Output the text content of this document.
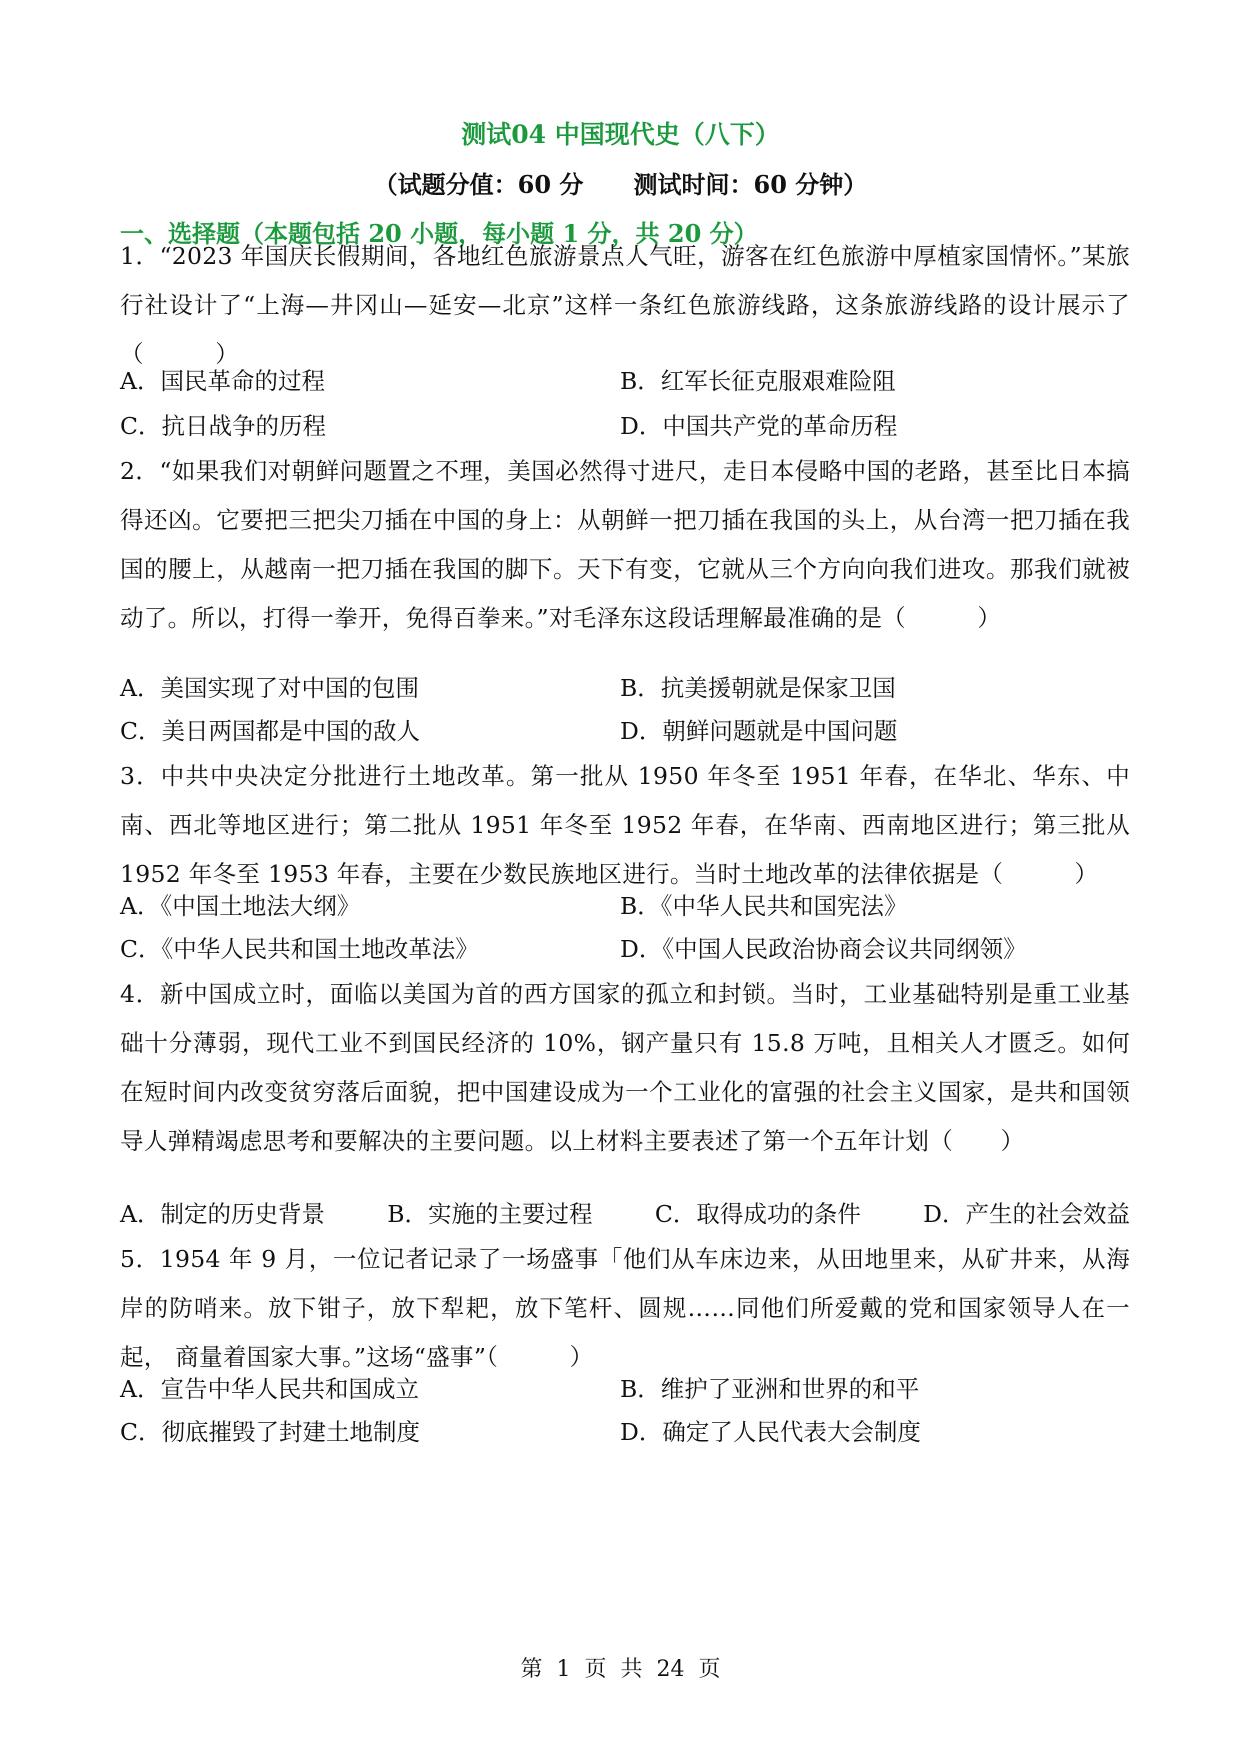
测试04 中国现代史（八下）
（试题分值：60 分      测试时间：60 分钟）
一、选择题（本题包括 20 小题，每小题 1 分，共 20 分）
1．“2023 年国庆长假期间，各地红色旅游景点人气旺，游客在红色旅游中厚植家国情怀。”某旅行社设计了“上海—井冈山—延安—北京”这样一条红色旅游线路，这条旅游线路的设计展示了（　　　）
A．国民革命的过程	B．红军长征克服艰难险阻
C．抗日战争的历程	D．中国共产党的革命历程
2．“如果我们对朝鲜问题置之不理，美国必然得寸进尺，走日本侵略中国的老路，甚至比日本搞得还凶。它要把三把尖刀插在中国的身上：从朝鲜一把刀插在我国的头上，从台湾一把刀插在我国的腰上，从越南一把刀插在我国的脚下。天下有变，它就从三个方向向我们进攻。那我们就被动了。所以，打得一拳开，免得百拳来。”对毛泽东这段话理解最准确的是（　　　）
A．美国实现了对中国的包围	B．抗美援朝就是保家卫国
C．美日两国都是中国的敌人	D．朝鲜问题就是中国问题
3．中共中央决定分批进行土地改革。第一批从 1950 年冬至 1951 年春，在华北、华东、中南、西北等地区进行；第二批从 1951 年冬至 1952 年春，在华南、西南地区进行；第三批从 1952 年冬至 1953 年春，主要在少数民族地区进行。当时土地改革的法律依据是（　　　）
A．《中国土地法大纲》	B．《中华人民共和国宪法》
C．《中华人民共和国土地改革法》	D．《中国人民政治协商会议共同纲领》
4．新中国成立时，面临以美国为首的西方国家的孤立和封锁。当时，工业基础特别是重工业基础十分薄弱，现代工业不到国民经济的 10%，钢产量只有 15.8 万吨，且相关人才匮乏。如何在短时间内改变贫穷落后面貌，把中国建设成为一个工业化的富强的社会主义国家，是共和国领导人弹精竭虑思考和要解决的主要问题。以上材料主要表述了第一个五年计划（　　）
A．制定的历史背景	B．实施的主要过程	C．取得成功的条件	D．产生的社会效益
5．1954 年 9 月，一位记者记录了一场盛事「他们从车床边来，从田地里来，从矿井来，从海岸的防哨来。放下钳子，放下犁耙，放下笔杆、圆规……同他们所爱戴的党和国家领导人在一起， 商量着国家大事。”这场“盛事”（　　　）
A．宣告中华人民共和国成立	B．维护了亚洲和世界的和平
C．彻底摧毁了封建土地制度	D．确定了人民代表大会制度
第  1  页  共  24  页
